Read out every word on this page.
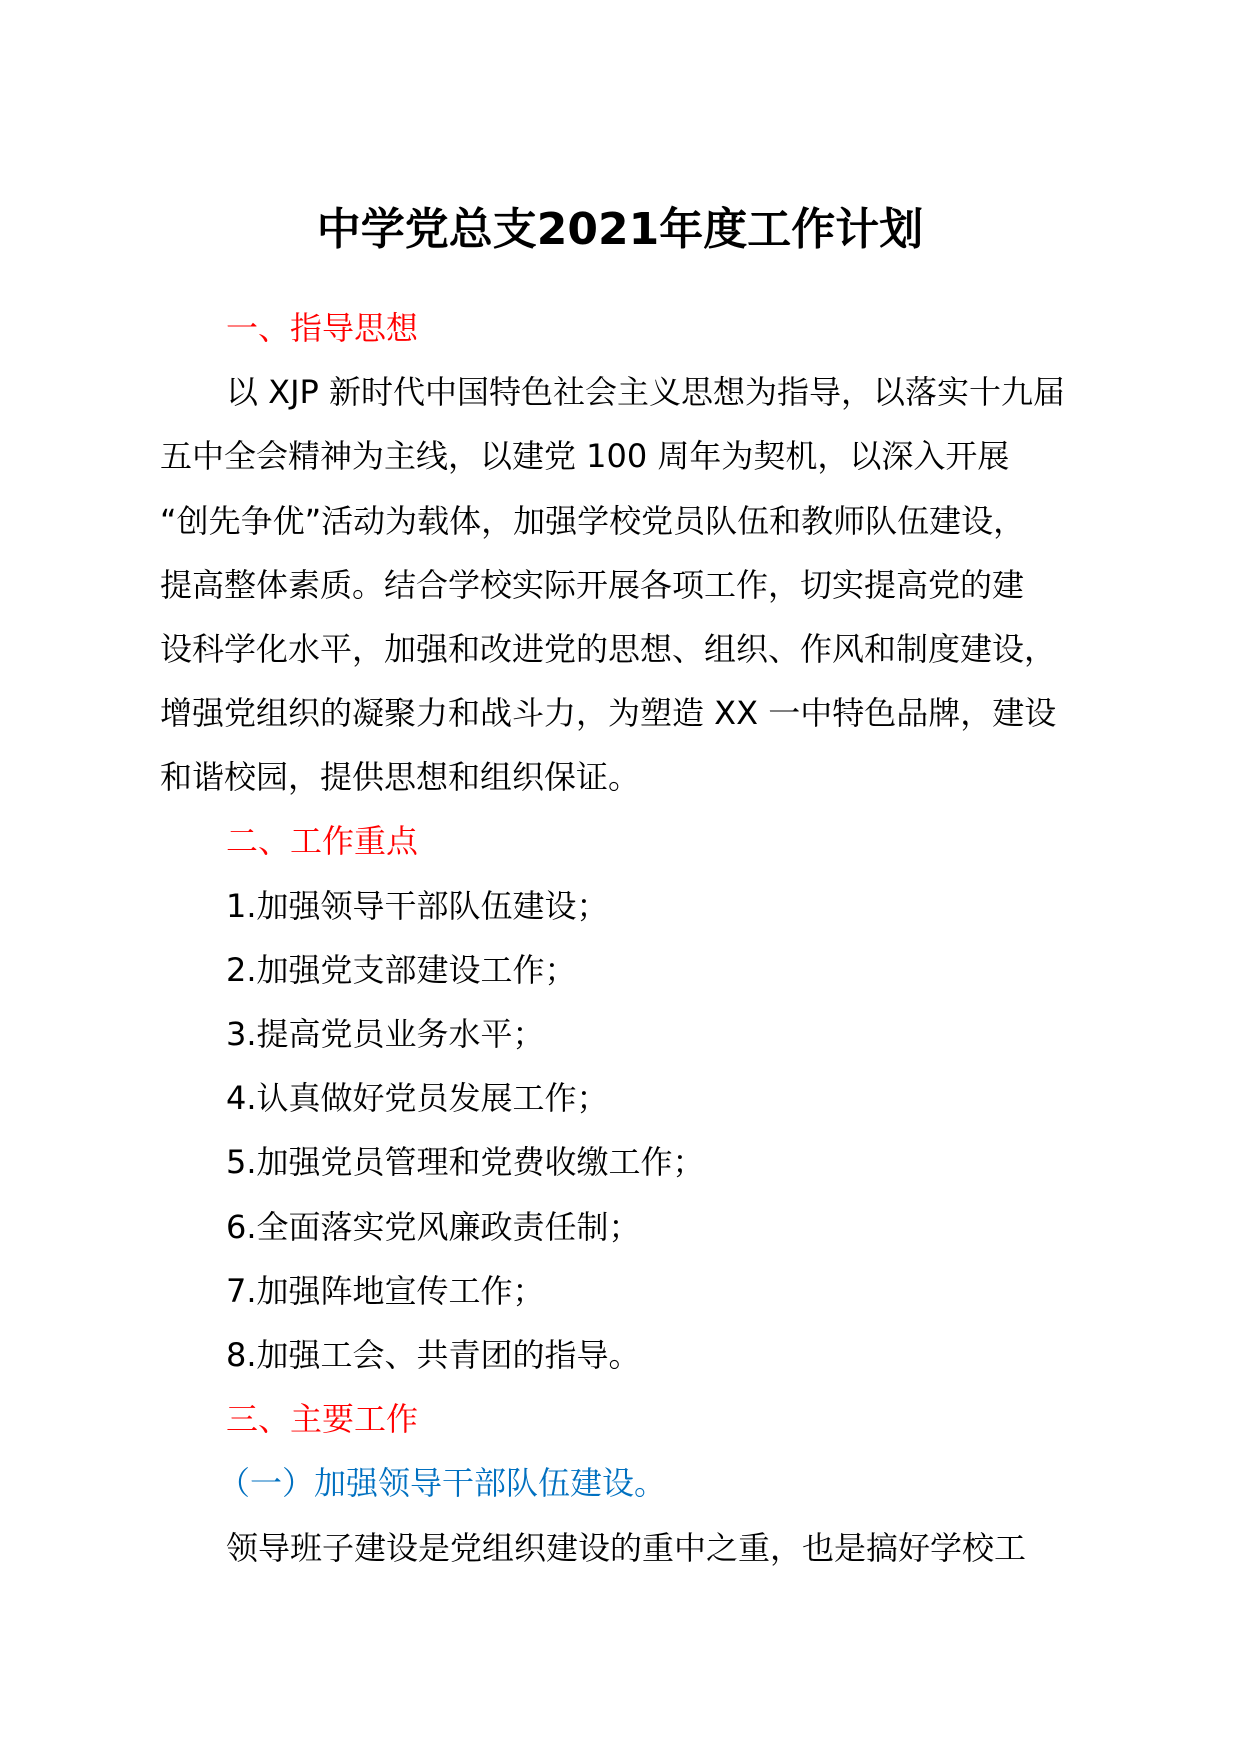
中学党总支2021年度工作计划
一、指导思想
以 XJP 新时代中国特色社会主义思想为指导，以落实十九届
五中全会精神为主线，以建党 100 周年为契机，以深入开展
“创先争优”活动为载体，加强学校党员队伍和教师队伍建设，
提高整体素质。结合学校实际开展各项工作，切实提高党的建
设科学化水平，加强和改进党的思想、组织、作风和制度建设，
增强党组织的凝聚力和战斗力，为塑造 XX 一中特色品牌，建设
和谐校园，提供思想和组织保证。
二、工作重点
1.加强领导干部队伍建设；
2.加强党支部建设工作；
3.提高党员业务水平；
4.认真做好党员发展工作；
5.加强党员管理和党费收缴工作；
6.全面落实党风廉政责任制；
7.加强阵地宣传工作；
8.加强工会、共青团的指导。
三、主要工作
（一）加强领导干部队伍建设。
领导班子建设是党组织建设的重中之重，也是搞好学校工
